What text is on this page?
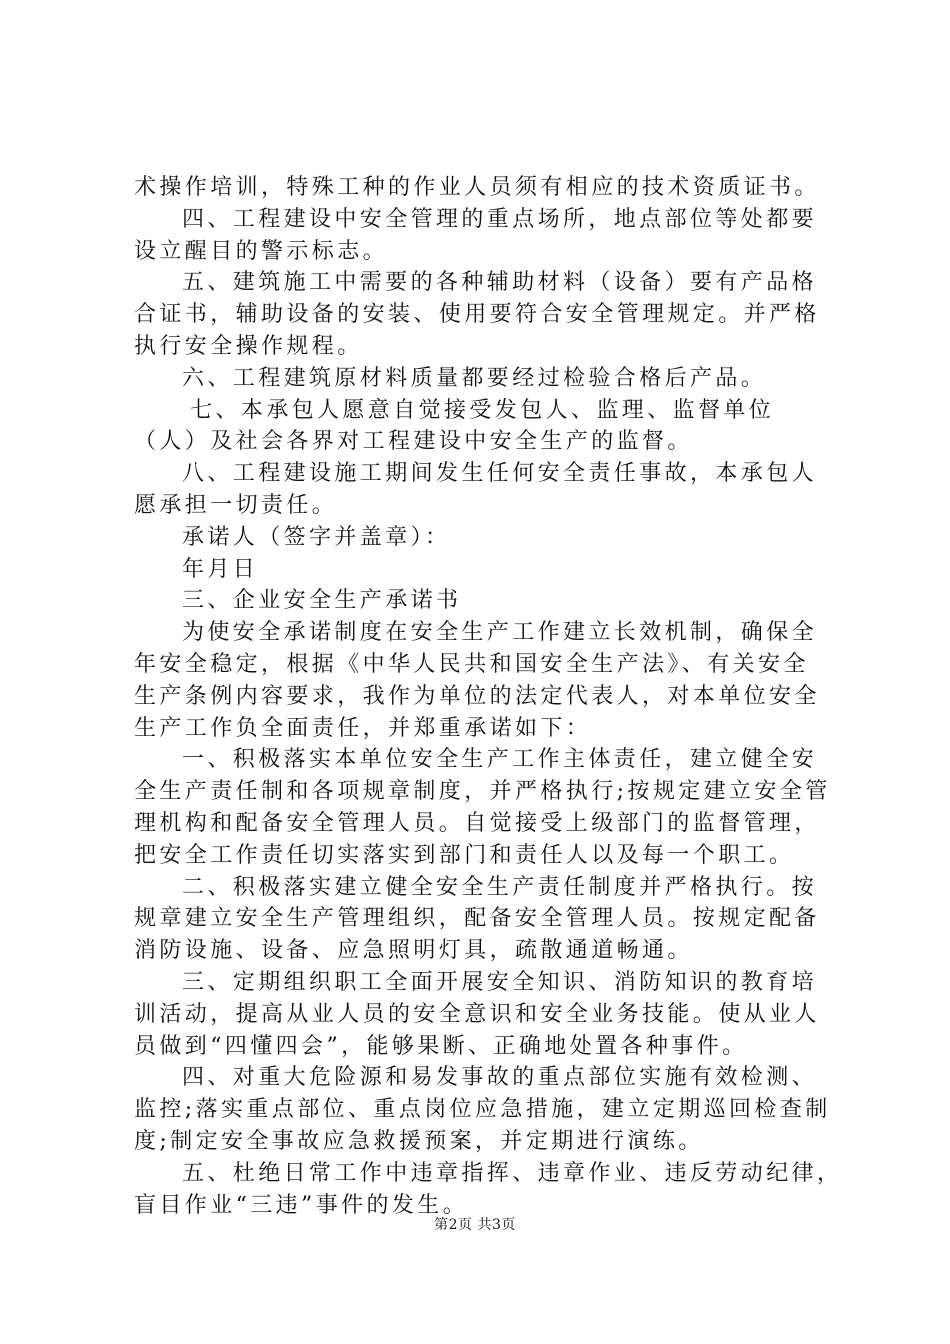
术操作培训，特殊工种的作业人员须有相应的技术资质证书。
四、工程建设中安全管理的重点场所，地点部位等处都要
设立醒目的警示标志。
五、建筑施工中需要的各种辅助材料（设备）要有产品格
合证书，辅助设备的安装、使用要符合安全管理规定。并严格
执行安全操作规程。
六、工程建筑原材料质量都要经过检验合格后产品。
七、本承包人愿意自觉接受发包人、监理、监督单位
（人）及社会各界对工程建设中安全生产的监督。
八、工程建设施工期间发生任何安全责任事故，本承包人
愿承担一切责任。
承诺人（签字并盖章）：
年月日
三、企业安全生产承诺书
为使安全承诺制度在安全生产工作建立长效机制，确保全
年安全稳定，根据《中华人民共和国安全生产法》、有关安全
生产条例内容要求，我作为单位的法定代表人，对本单位安全
生产工作负全面责任，并郑重承诺如下：
一、积极落实本单位安全生产工作主体责任，建立健全安
全生产责任制和各项规章制度，并严格执行;按规定建立安全管
理机构和配备安全管理人员。自觉接受上级部门的监督管理，
把安全工作责任切实落实到部门和责任人以及每一个职工。
二、积极落实建立健全安全生产责任制度并严格执行。按
规章建立安全生产管理组织，配备安全管理人员。按规定配备
消防设施、设备、应急照明灯具，疏散通道畅通。
三、定期组织职工全面开展安全知识、消防知识的教育培
训活动，提高从业人员的安全意识和安全业务技能。使从业人
员做到“四懂四会”，能够果断、正确地处置各种事件。
四、对重大危险源和易发事故的重点部位实施有效检测、
监控;落实重点部位、重点岗位应急措施，建立定期巡回检查制
度;制定安全事故应急救援预案，并定期进行演练。
五、杜绝日常工作中违章指挥、违章作业、违反劳动纪律，
盲目作业“三违”事件的发生。
第2页 共3页
